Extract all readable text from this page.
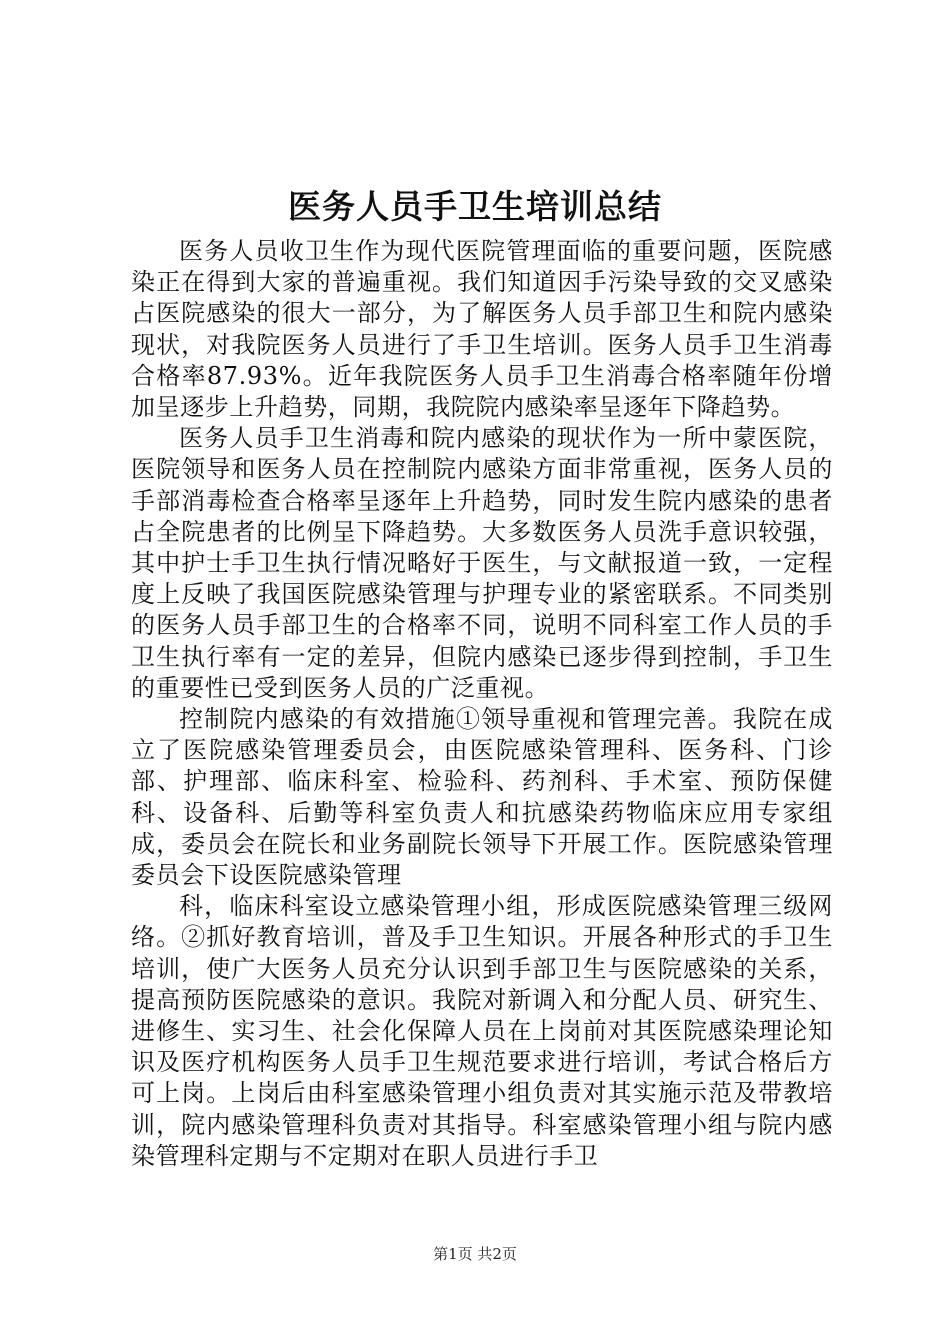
医务人员手卫生培训总结

医务人员收卫生作为现代医院管理面临的重要问题，医院感染正在得到大家的普遍重视。我们知道因手污染导致的交叉感染占医院感染的很大一部分，为了解医务人员手部卫生和院内感染现状，对我院医务人员进行了手卫生培训。医务人员手卫生消毒合格率87.93%。近年我院医务人员手卫生消毒合格率随年份增加呈逐步上升趋势，同期，我院院内感染率呈逐年下降趋势。

医务人员手卫生消毒和院内感染的现状作为一所中蒙医院，医院领导和医务人员在控制院内感染方面非常重视，医务人员的手部消毒检查合格率呈逐年上升趋势，同时发生院内感染的患者占全院患者的比例呈下降趋势。大多数医务人员洗手意识较强，其中护士手卫生执行情况略好于医生，与文献报道一致，一定程度上反映了我国医院感染管理与护理专业的紧密联系。不同类别的医务人员手部卫生的合格率不同，说明不同科室工作人员的手卫生执行率有一定的差异，但院内感染已逐步得到控制，手卫生的重要性已受到医务人员的广泛重视。

控制院内感染的有效措施①领导重视和管理完善。我院在成立了医院感染管理委员会，由医院感染管理科、医务科、门诊部、护理部、临床科室、检验科、药剂科、手术室、预防保健科、设备科、后勤等科室负责人和抗感染药物临床应用专家组成，委员会在院长和业务副院长领导下开展工作。医院感染管理委员会下设医院感染管理

科，临床科室设立感染管理小组，形成医院感染管理三级网络。②抓好教育培训，普及手卫生知识。开展各种形式的手卫生培训，使广大医务人员充分认识到手部卫生与医院感染的关系，提高预防医院感染的意识。我院对新调入和分配人员、研究生、进修生、实习生、社会化保障人员在上岗前对其医院感染理论知识及医疗机构医务人员手卫生规范要求进行培训，考试合格后方可上岗。上岗后由科室感染管理小组负责对其实施示范及带教培训，院内感染管理科负责对其指导。科室感染管理小组与院内感染管理科定期与不定期对在职人员进行手卫

第1页 共2页
